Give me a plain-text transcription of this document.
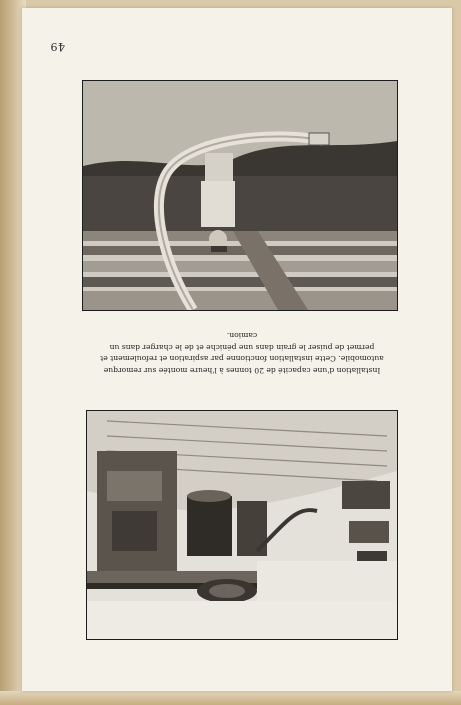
49
Installation d'une capacité de 20 tonnes à l'heure montée sur remorque automobile. Cette installation fonctionne par aspiration et refoulement et permet de puiser le grain dans une péniche et de le charger dans un camion.
